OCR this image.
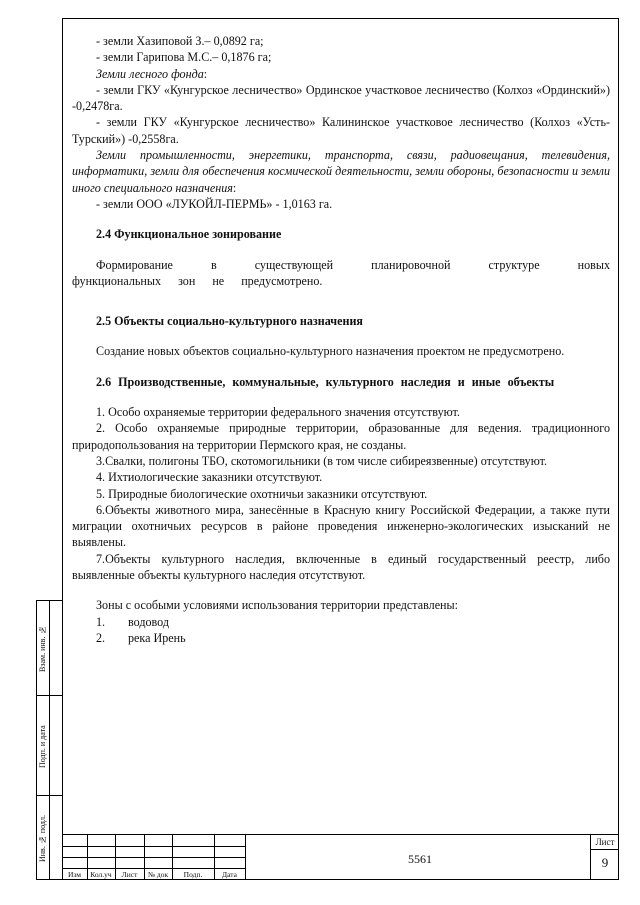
- земли Хазиповой З.– 0,0892 га;

- земли Гарипова М.С.– 0,1876 га;

Земли лесного фонда:

- земли ГКУ «Кунгурское лесничество» Ординское участковое лесничество (Колхоз «Ординский») -0,2478га.

- земли ГКУ «Кунгурское лесничество» Калининское участковое лесничество (Колхоз «Усть-Турский») -0,2558га.

Земли промышленности, энергетики, транспорта, связи, радиовещания, телевидения, информатики, земли для обеспечения космической деятельности, земли обороны, безопасности и земли иного специального назначения:

- земли ООО «ЛУКОЙЛ-ПЕРМЬ» - 1,0163 га.

2.4 Функциональное зонирование

Формирование в существующей планировочной структуре новых функциональных зон не предусмотрено.

2.5 Объекты социально-культурного назначения

Создание новых объектов социально-культурного назначения проектом не предусмотрено.

2.6 Производственные, коммунальные, культурного наследия и иные объекты

1. Особо охраняемые территории федерального значения отсутствуют.

2. Особо охраняемые природные территории, образованные для ведения. традиционного природопользования на территории Пермского края, не созданы.

3.Свалки, полигоны ТБО, скотомогильники (в том числе сибиреязвенные) отсутствуют.

4. Ихтиологические заказники отсутствуют.

5. Природные биологические охотничьи заказники отсутствуют.

6.Объекты животного мира, занесённые в Красную книгу Российской Федерации, а также пути миграции охотничьих ресурсов в районе проведения инженерно-экологических изысканий не выявлены.

7.Объекты культурного наследия, включенные в единый государственный реестр, либо выявленные объекты культурного наследия отсутствуют.

Зоны с особыми условиями использования территории представлены:

1.	водовод
2.	река Ирень
Взам. инв. №
Подп. и дата
Инв. № подл.
Изм	Кол.уч	Лист	№ док	Подп.	Дата
5561
Лист
9
